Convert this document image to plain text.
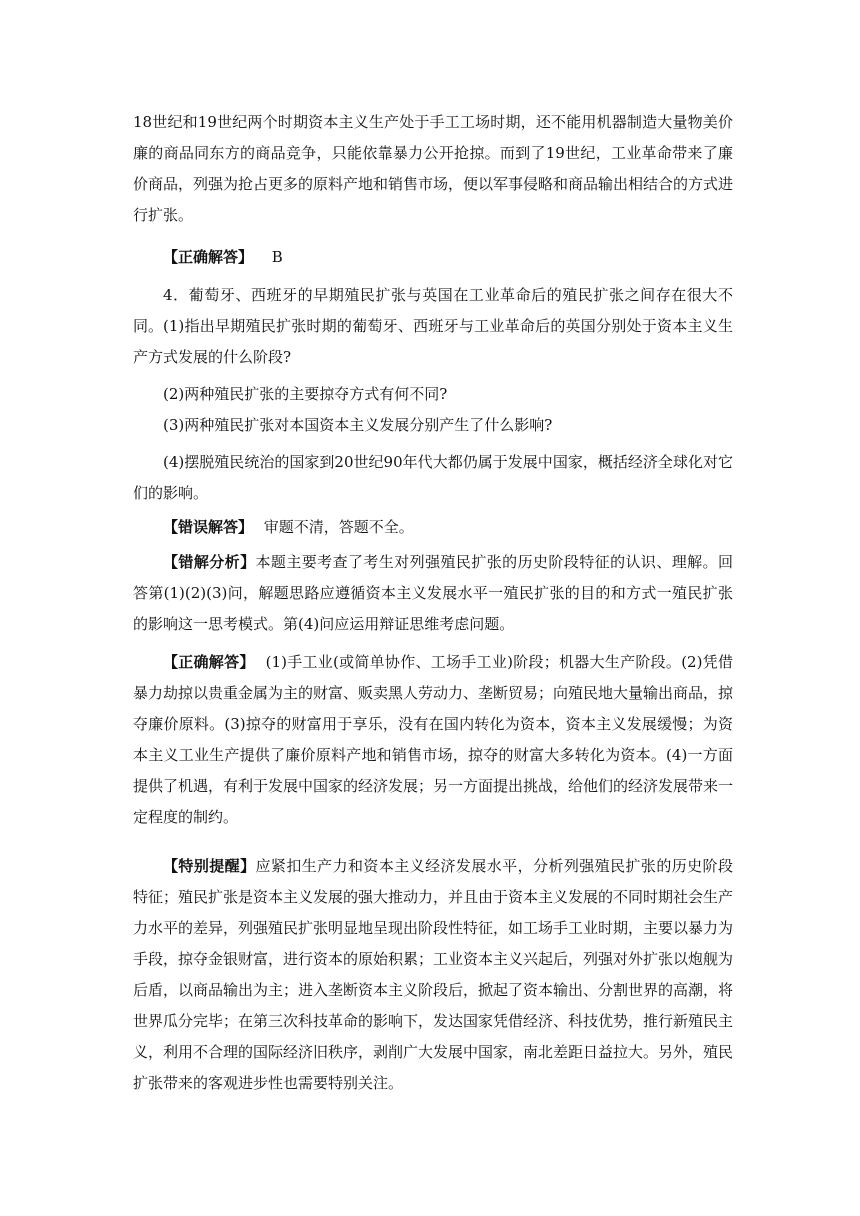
18世纪和19世纪两个时期资本主义生产处于手工工场时期，还不能用机器制造大量物美价廉的商品同东方的商品竞争，只能依靠暴力公开抢掠。而到了19世纪，工业革命带来了廉价商品，列强为抢占更多的原料产地和销售市场，便以军事侵略和商品输出相结合的方式进行扩张。

【正确解答】 B

4．葡萄牙、西班牙的早期殖民扩张与英国在工业革命后的殖民扩张之间存在很大不同。 (1)指出早期殖民扩张时期的葡萄牙、西班牙与工业革命后的英国分别处于资本主义生产方式发展的什么阶段?

(2)两种殖民扩张的主要掠夺方式有何不同?

(3)两种殖民扩张对本国资本主义发展分别产生了什么影响?

(4)摆脱殖民统治的国家到20世纪90年代大都仍属于发展中国家，概括经济全球化对它们的影响。

【错误解答】 审题不清，答题不全。

【错解分析】本题主要考查了考生对列强殖民扩张的历史阶段特征的认识、理解。回答第(1)(2)(3)问，解题思路应遵循资本主义发展水平一殖民扩张的目的和方式一殖民扩张的影响这一思考模式。第(4)问应运用辩证思维考虑问题。

【正确解答】 (1)手工业(或简单协作、工场手工业)阶段；机器大生产阶段。(2)凭借暴力劫掠以贵重金属为主的财富、贩卖黑人劳动力、垄断贸易；向殖民地大量输出商品，掠夺廉价原料。(3)掠夺的财富用于享乐，没有在国内转化为资本，资本主义发展缓慢；为资本主义工业生产提供了廉价原料产地和销售市场，掠夺的财富大多转化为资本。(4)一方面提供了机遇，有利于发展中国家的经济发展；另一方面提出挑战，给他们的经济发展带来一定程度的制约。

【特别提醒】应紧扣生产力和资本主义经济发展水平，分析列强殖民扩张的历史阶段特征；殖民扩张是资本主义发展的强大推动力，并且由于资本主义发展的不同时期社会生产力水平的差异，列强殖民扩张明显地呈现出阶段性特征，如工场手工业时期，主要以暴力为手段，掠夺金银财富，进行资本的原始积累；工业资本主义兴起后，列强对外扩张以炮舰为后盾，以商品输出为主；进入垄断资本主义阶段后，掀起了资本输出、分割世界的高潮，将世界瓜分完毕；在第三次科技革命的影响下，发达国家凭借经济、科技优势，推行新殖民主义，利用不合理的国际经济旧秩序，剥削广大发展中国家，南北差距日益拉大。另外，殖民扩张带来的客观进步性也需要特别关注。
